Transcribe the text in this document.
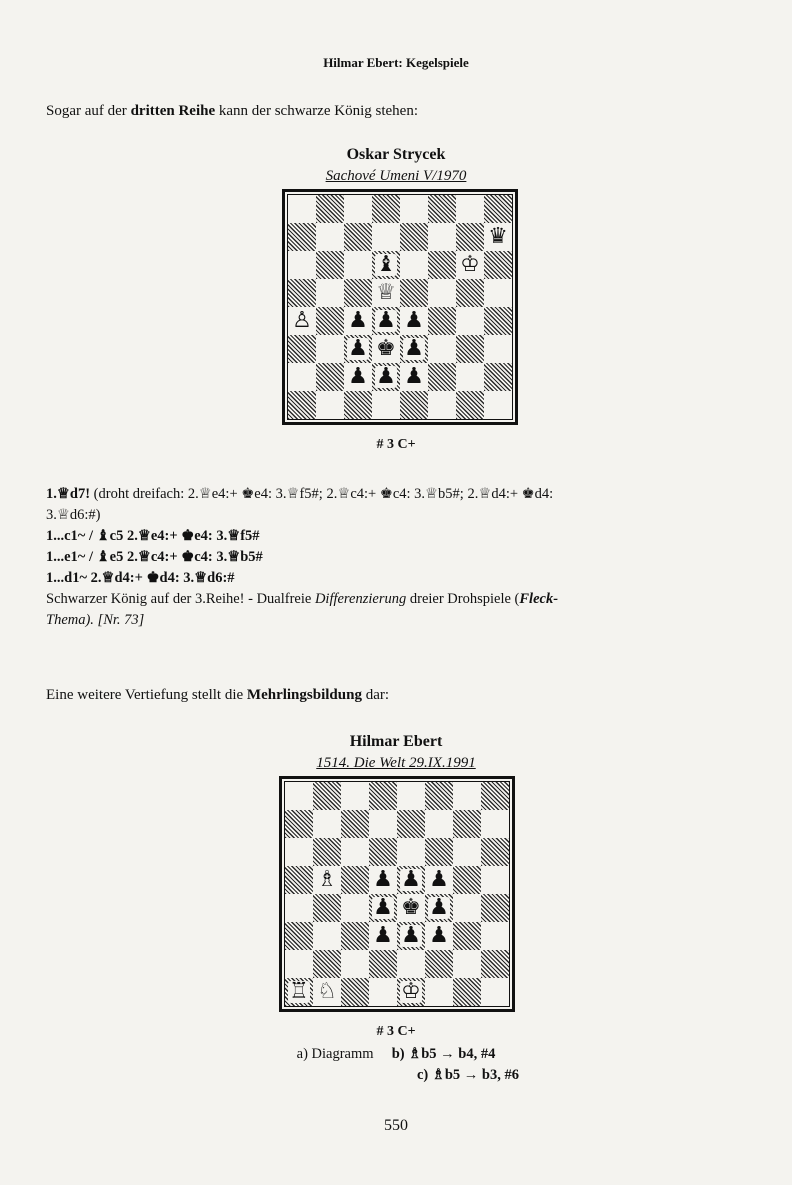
Hilmar Ebert: Kegelspiele
Sogar auf der dritten Reihe kann der schwarze König stehen:
Oskar Strycek
Sachové Umeni V/1970
♛
♝	♔
♕
♙ ♟ ♟ ♟
♟ ♚ ♟
♟ ♟ ♟
# 3 C+
1.♕d7! (droht dreifach: 2.♕e4:+ ♚e4: 3.♕f5#; 2.♕c4:+ ♚c4: 3.♕b5#; 2.♕d4:+ ♚d4:
3.♕d6:#)
1...c1~ / ♝c5 2.♕e4:+ ♚e4: 3.♕f5#
1...e1~ / ♝e5 2.♕c4:+ ♚c4: 3.♕b5#
1...d1~ 2.♕d4:+ ♚d4: 3.♕d6:#
Schwarzer König auf der 3.Reihe! - Dualfreie Differenzierung dreier Drohspiele (Fleck-
Thema). [Nr. 73]
Eine weitere Vertiefung stellt die Mehrlingsbildung dar:
Hilmar Ebert
1514. Die Welt 29.IX.1991
♗ ♟ ♟ ♟
♟ ♚ ♟
♟ ♟ ♟
♖ ♘	♔
# 3 C+
a) Diagramm b) ♗b5 → b4, #4
c) ♗b5 → b3, #6
550
